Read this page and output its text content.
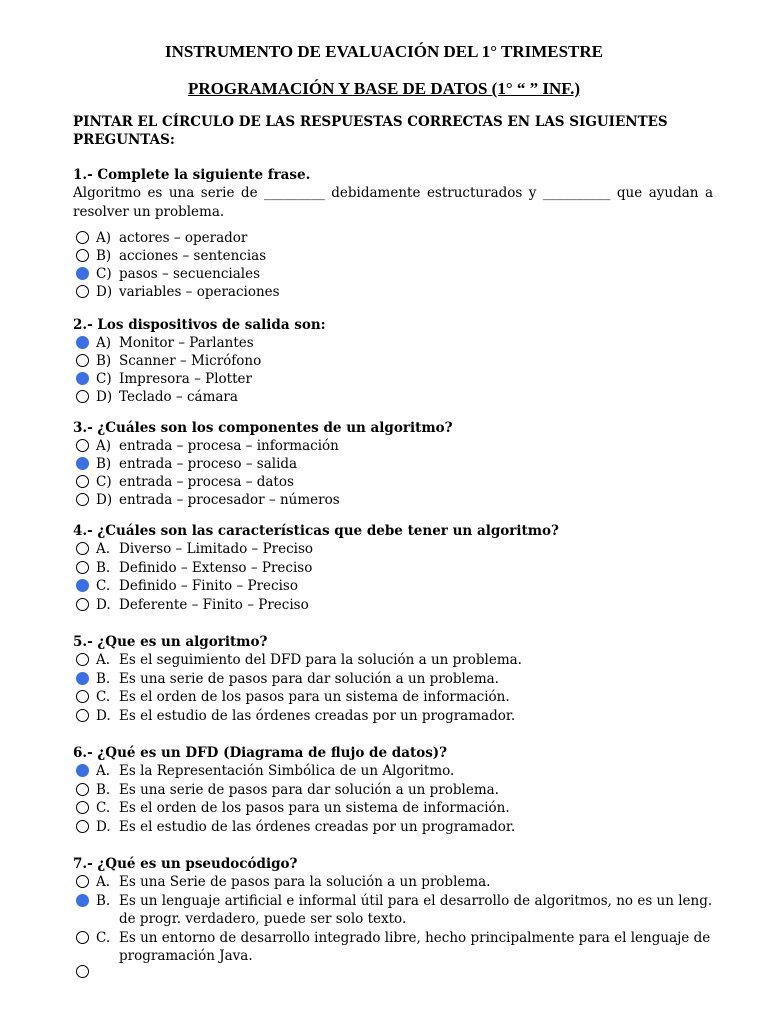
INSTRUMENTO DE EVALUACIÓN DEL 1° TRIMESTRE
PROGRAMACIÓN Y BASE DE DATOS (1° “ ” INF.)
PINTAR EL CÍRCULO DE LAS RESPUESTAS CORRECTAS EN LAS SIGUIENTES PREGUNTAS:
1.- Complete la siguiente frase.
Algoritmo es una serie de _________ debidamente estructurados y __________ que ayudan a resolver un problema.
A) actores – operador
B) acciones – sentencias
C) pasos – secuenciales
D) variables – operaciones
2.- Los dispositivos de salida son:
A) Monitor – Parlantes
B) Scanner – Micrófono
C) Impresora – Plotter
D) Teclado – cámara
3.- ¿Cuáles son los componentes de un algoritmo?
A) entrada – procesa – información
B) entrada – proceso – salida
C) entrada – procesa – datos
D) entrada – procesador – números
4.- ¿Cuáles son las características que debe tener un algoritmo?
A. Diverso – Limitado – Preciso
B. Definido – Extenso – Preciso
C. Definido – Finito – Preciso
D. Deferente – Finito – Preciso
5.- ¿Que es un algoritmo?
A. Es el seguimiento del DFD para la solución a un problema.
B. Es una serie de pasos para dar solución a un problema.
C. Es el orden de los pasos para un sistema de información.
D. Es el estudio de las órdenes creadas por un programador.
6.- ¿Qué es un DFD (Diagrama de flujo de datos)?
A. Es la Representación Simbólica de un Algoritmo.
B. Es una serie de pasos para dar solución a un problema.
C. Es el orden de los pasos para un sistema de información.
D. Es el estudio de las órdenes creadas por un programador.
7.- ¿Qué es un pseudocódigo?
A. Es una Serie de pasos para la solución a un problema.
B. Es un lenguaje artificial e informal útil para el desarrollo de algoritmos, no es un leng. de progr. verdadero, puede ser solo texto.
C. Es un entorno de desarrollo integrado libre, hecho principalmente para el lenguaje de programación Java.
